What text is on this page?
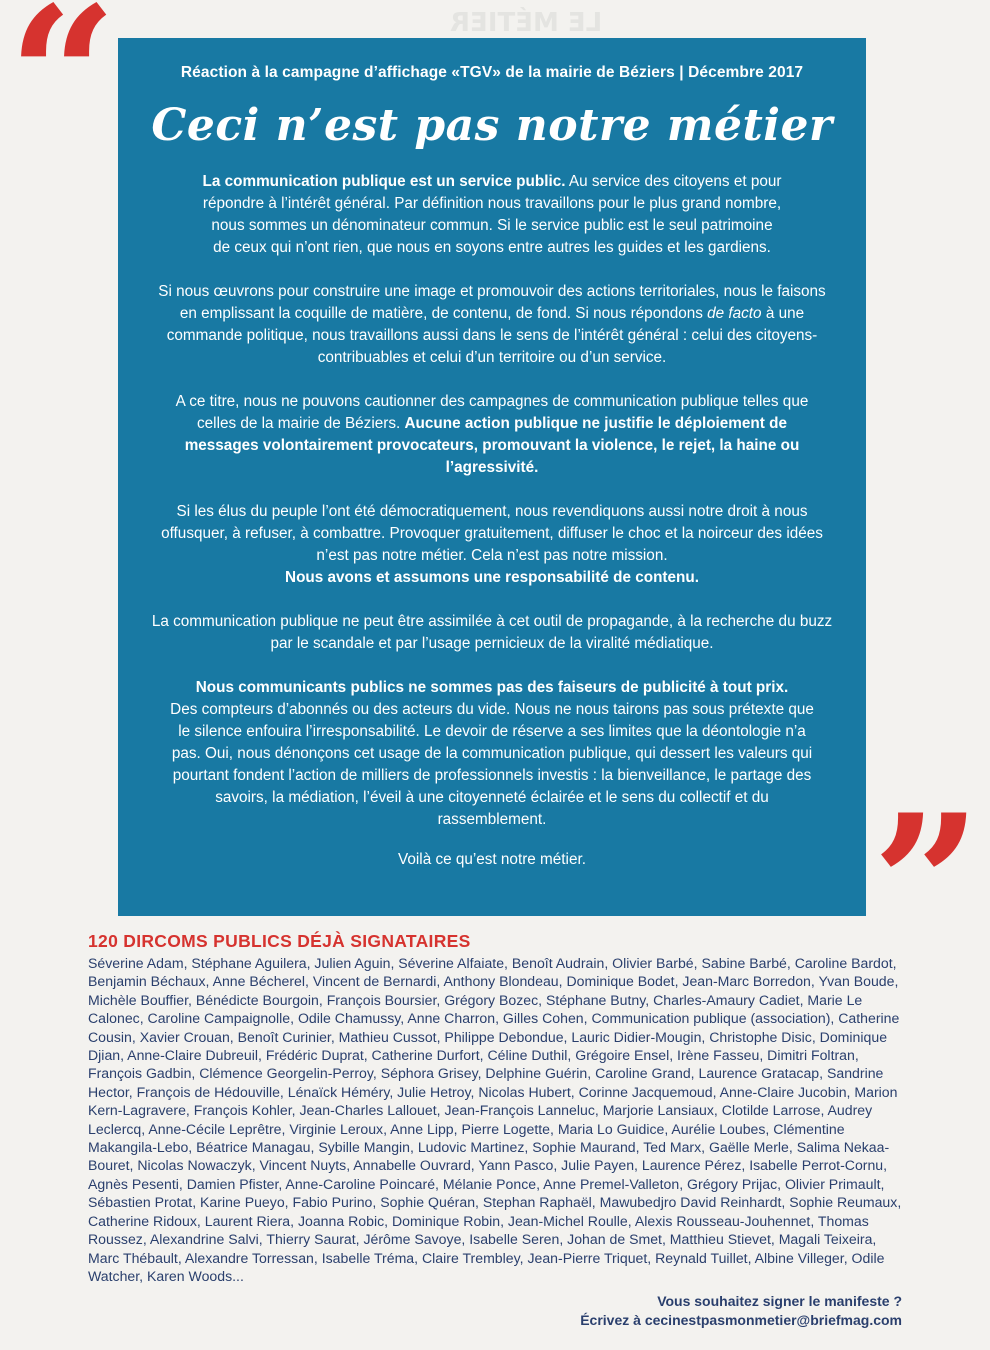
LE MÉTIER
“	Réaction à la campagne d’affichage «TGV» de la mairie de Béziers | Décembre 2017

Ceci n’est pas notre métier

La communication publique est un service public. Au service des citoyens et pour répondre à l’intérêt général. Par définition nous travaillons pour le plus grand nombre, nous sommes un dénominateur commun. Si le service public est le seul patrimoine de ceux qui n’ont rien, que nous en soyons entre autres les guides et les gardiens.

Si nous œuvrons pour construire une image et promouvoir des actions territoriales, nous le faisons en emplissant la coquille de matière, de contenu, de fond. Si nous répondons de facto à une commande politique, nous travaillons aussi dans le sens de l’intérêt général : celui des citoyens-contribuables et celui d’un territoire ou d’un service.

A ce titre, nous ne pouvons cautionner des campagnes de communication publique telles que celles de la mairie de Béziers. Aucune action publique ne justifie le déploiement de messages volontairement provocateurs, promouvant la violence, le rejet, la haine ou l’agressivité.

Si les élus du peuple l’ont été démocratiquement, nous revendiquons aussi notre droit à nous offusquer, à refuser, à combattre. Provoquer gratuitement, diffuser le choc et la noirceur des idées n’est pas notre métier. Cela n’est pas notre mission.
Nous avons et assumons une responsabilité de contenu.

La communication publique ne peut être assimilée à cet outil de propagande, à la recherche du buzz par le scandale et par l’usage pernicieux de la viralité médiatique.

Nous communicants publics ne sommes pas des faiseurs de publicité à tout prix.
Des compteurs d’abonnés ou des acteurs du vide. Nous ne nous tairons pas sous prétexte que le silence enfouira l’irresponsabilité. Le devoir de réserve a ses limites que la déontologie n’a pas. Oui, nous dénonçons cet usage de la communication publique, qui dessert les valeurs qui pourtant fondent l’action de milliers de professionnels investis : la bienveillance, le partage des savoirs, la médiation, l’éveil à une citoyenneté éclairée et le sens du collectif et du rassemblement.

Voilà ce qu’est notre métier.	”
120 DIRCOMS PUBLICS DÉJÀ SIGNATAIRES
Séverine Adam, Stéphane Aguilera, Julien Aguin, Séverine Alfaiate, Benoît Audrain, Olivier Barbé, Sabine Barbé, Caroline Bardot, Benjamin Béchaux, Anne Bécherel, Vincent de Bernardi, Anthony Blondeau, Dominique Bodet, Jean-Marc Borredon, Yvan Boude, Michèle Bouffier, Bénédicte Bourgoin, François Boursier, Grégory Bozec, Stéphane Butny, Charles-Amaury Cadiet, Marie Le Calonec, Caroline Campaignolle, Odile Chamussy, Anne Charron, Gilles Cohen, Communication publique (association), Catherine Cousin, Xavier Crouan, Benoît Curinier, Mathieu Cussot, Philippe Debondue, Lauric Didier-Mougin, Christophe Disic, Dominique Djian, Anne-Claire Dubreuil, Frédéric Duprat, Catherine Durfort, Céline Duthil, Grégoire Ensel, Irène Fasseu, Dimitri Foltran, François Gadbin, Clémence Georgelin-Perroy, Séphora Grisey, Delphine Guérin, Caroline Grand, Laurence Gratacap, Sandrine Hector, François de Hédouville, Lénaïck Héméry, Julie Hetroy, Nicolas Hubert, Corinne Jacquemoud, Anne-Claire Jucobin, Marion Kern-Lagravere, François Kohler, Jean-Charles Lallouet, Jean-François Lanneluc, Marjorie Lansiaux, Clotilde Larrose, Audrey Leclercq, Anne-Cécile Leprêtre, Virginie Leroux, Anne Lipp, Pierre Logette, Maria Lo Guidice, Aurélie Loubes, Clémentine Makangila-Lebo, Béatrice Managau, Sybille Mangin, Ludovic Martinez, Sophie Maurand, Ted Marx, Gaëlle Merle, Salima Nekaa-Bouret, Nicolas Nowaczyk, Vincent Nuyts, Annabelle Ouvrard, Yann Pasco, Julie Payen, Laurence Pérez, Isabelle Perrot-Cornu, Agnès Pesenti, Damien Pfister, Anne-Caroline Poincaré, Mélanie Ponce, Anne Premel-Valleton, Grégory Prijac, Olivier Primault, Sébastien Protat, Karine Pueyo, Fabio Purino, Sophie Quéran, Stephan Raphaël, Mawubedjro David Reinhardt, Sophie Reumaux, Catherine Ridoux, Laurent Riera, Joanna Robic, Dominique Robin, Jean-Michel Roulle, Alexis Rousseau-Jouhennet, Thomas Roussez, Alexandrine Salvi, Thierry Saurat, Jérôme Savoye, Isabelle Seren, Johan de Smet, Matthieu Stievet, Magali Teixeira, Marc Thébault, Alexandre Torressan, Isabelle Tréma, Claire Trembley, Jean-Pierre Triquet, Reynald Tuillet, Albine Villeger, Odile Watcher, Karen Woods...
Vous souhaitez signer le manifeste ?
Écrivez à cecinestpasmonmetier@briefmag.com
